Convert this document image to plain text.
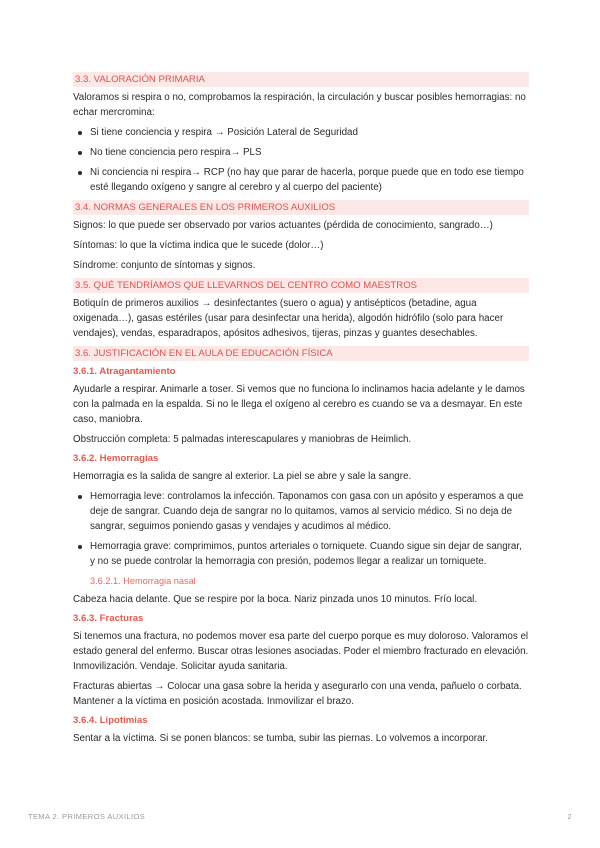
3.3. VALORACIÓN PRIMARIA

Valoramos si respira o no, comprobamos la respiración, la circulación y buscar posibles hemorragias: no echar mercromina:

Si tiene conciencia y respira → Posición Lateral de Seguridad
No tiene conciencia pero respira→ PLS
Ni conciencia ni respira→ RCP (no hay que parar de hacerla, porque puede que en todo ese tiempo esté llegando oxígeno y sangre al cerebro y al cuerpo del paciente)
3.4. NORMAS GENERALES EN LOS PRIMEROS AUXILIOS

Signos: lo que puede ser observado por varios actuantes (pérdida de conocimiento, sangrado…)

Síntomas: lo que la víctima indica que le sucede (dolor…)

Síndrome: conjunto de síntomas y signos.

3.5. QUÉ TENDRÍAMOS QUE LLEVARNOS DEL CENTRO COMO MAESTROS

Botiquín de primeros auxilios → desinfectantes (suero o agua) y antisépticos (betadine, agua oxigenada…), gasas estériles (usar para desinfectar una herida), algodón hidrófilo (solo para hacer vendajes), vendas, esparadrapos, apósitos adhesivos, tijeras, pinzas y guantes desechables.

3.6. JUSTIFICACIÓN EN EL AULA DE EDUCACIÓN FÍSICA
3.6.1. Atragantamiento

Ayudarle a respirar. Animarle a toser. Si vemos que no funciona lo inclinamos hacia adelante y le damos con la palmada en la espalda. Si no le llega el oxígeno al cerebro es cuando se va a desmayar. En este caso, maniobra.

Obstrucción completa: 5 palmadas interescapulares y maniobras de Heimlich.

3.6.2. Hemorragias

Hemorragia es la salida de sangre al exterior. La piel se abre y sale la sangre.

Hemorragia leve: controlamos la infección. Taponamos con gasa con un apósito y esperamos a que deje de sangrar. Cuando deja de sangrar no lo quitamos, vamos al servicio médico. Si no deja de sangrar, seguimos poniendo gasas y vendajes y acudimos al médico.
Hemorragia grave: comprimimos, puntos arteriales o torniquete. Cuando sigue sin dejar de sangrar, y no se puede controlar la hemorragia con presión, podemos llegar a realizar un torniquete.
3.6.2.1. Hemorragia nasal

Cabeza hacia delante. Que se respire por la boca. Nariz pinzada unos 10 minutos. Frío local.

3.6.3. Fracturas

Si tenemos una fractura, no podemos mover esa parte del cuerpo porque es muy doloroso. Valoramos el estado general del enfermo. Buscar otras lesiones asociadas. Poder el miembro fracturado en elevación. Inmovilización. Vendaje. Solicitar ayuda sanitaria.

Fracturas abiertas → Colocar una gasa sobre la herida y asegurarlo con una venda, pañuelo o corbata. Mantener a la víctima en posición acostada. Inmovilizar el brazo.

3.6.4. Lipotimias

Sentar a la víctima. Si se ponen blancos: se tumba, subir las piernas. Lo volvemos a incorporar.

TEMA 2. PRIMEROS AUXILIOS	2
